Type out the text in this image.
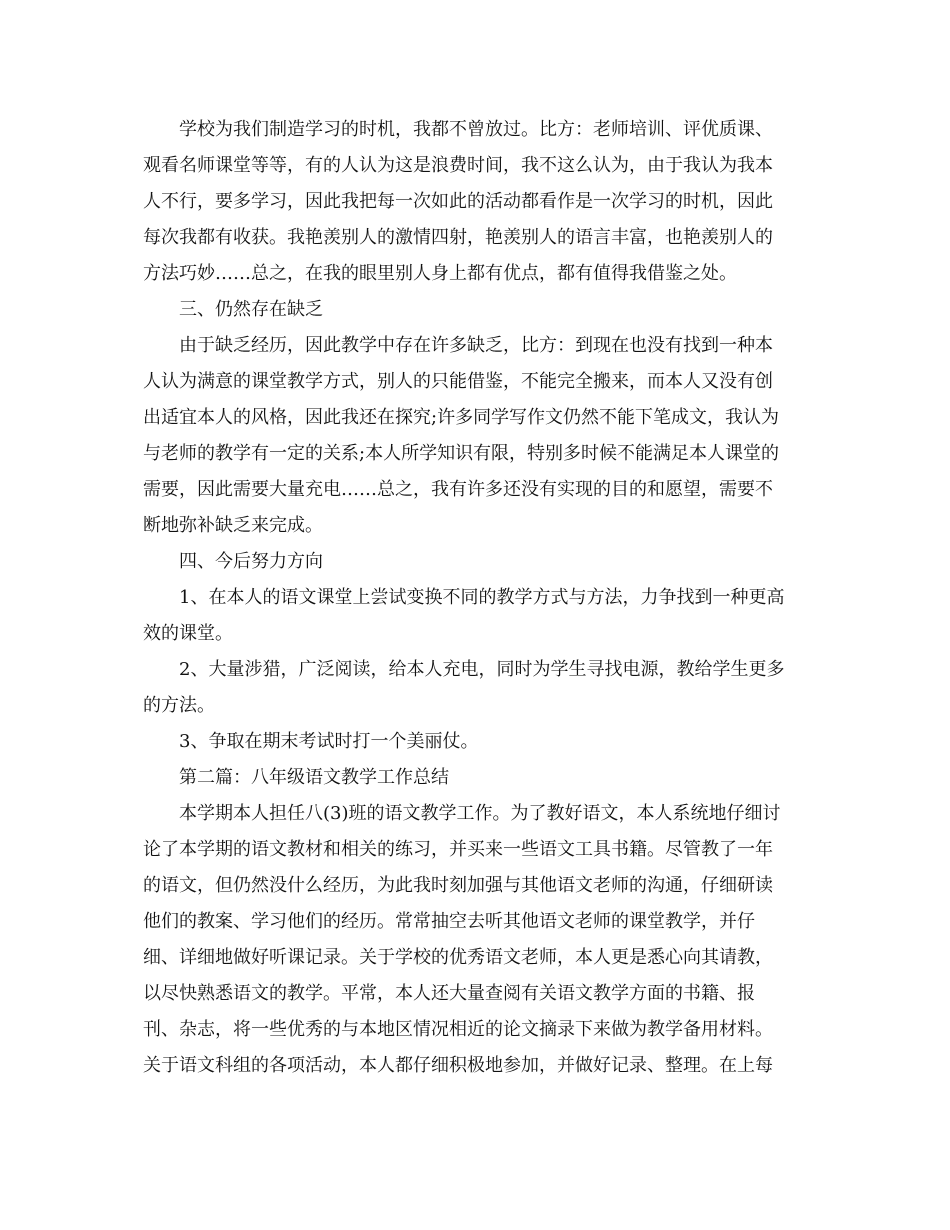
学校为我们制造学习的时机，我都不曾放过。比方：老师培训、评优质课、
观看名师课堂等等，有的人认为这是浪费时间，我不这么认为，由于我认为我本
人不行，要多学习，因此我把每一次如此的活动都看作是一次学习的时机，因此
每次我都有收获。我艳羡别人的激情四射，艳羡别人的语言丰富，也艳羡别人的
方法巧妙……总之，在我的眼里别人身上都有优点，都有值得我借鉴之处。
三、仍然存在缺乏
由于缺乏经历，因此教学中存在许多缺乏，比方：到现在也没有找到一种本
人认为满意的课堂教学方式，别人的只能借鉴，不能完全搬来，而本人又没有创
出适宜本人的风格，因此我还在探究;许多同学写作文仍然不能下笔成文，我认为
与老师的教学有一定的关系;本人所学知识有限，特别多时候不能满足本人课堂的
需要，因此需要大量充电……总之，我有许多还没有实现的目的和愿望，需要不
断地弥补缺乏来完成。
四、今后努力方向
1、在本人的语文课堂上尝试变换不同的教学方式与方法，力争找到一种更高
效的课堂。
2、大量涉猎，广泛阅读，给本人充电，同时为学生寻找电源，教给学生更多
的方法。
3、争取在期末考试时打一个美丽仗。
第二篇：八年级语文教学工作总结
本学期本人担任八(3)班的语文教学工作。为了教好语文，本人系统地仔细讨
论了本学期的语文教材和相关的练习，并买来一些语文工具书籍。尽管教了一年
的语文，但仍然没什么经历，为此我时刻加强与其他语文老师的沟通，仔细研读
他们的教案、学习他们的经历。常常抽空去听其他语文老师的课堂教学，并仔
细、详细地做好听课记录。关于学校的优秀语文老师，本人更是悉心向其请教，
以尽快熟悉语文的教学。平常，本人还大量查阅有关语文教学方面的书籍、报
刊、杂志，将一些优秀的与本地区情况相近的论文摘录下来做为教学备用材料。
关于语文科组的各项活动，本人都仔细积极地参加，并做好记录、整理。在上每
